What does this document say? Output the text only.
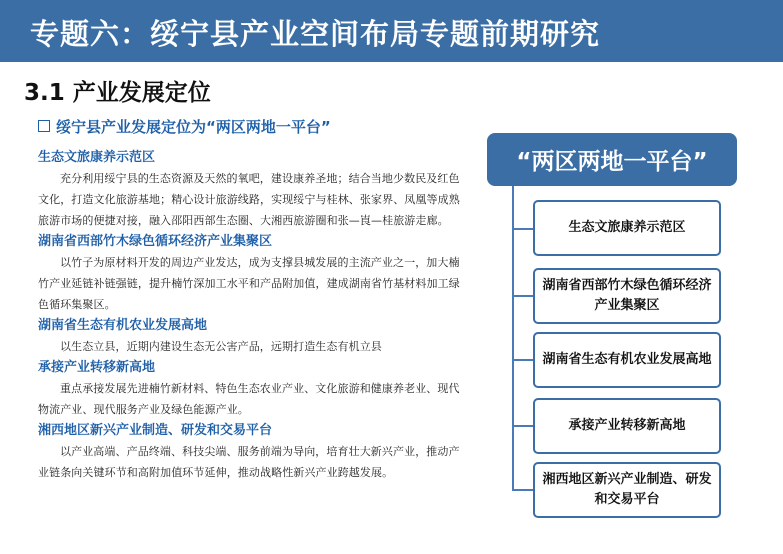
专题六：绥宁县产业空间布局专题前期研究
3.1 产业发展定位
绥宁县产业发展定位为“两区两地一平台”
生态文旅康养示范区
充分利用绥宁县的生态资源及天然的氧吧，建设康养圣地；结合当地少数民及红色文化，打造文化旅游基地；精心设计旅游线路，实现绥宁与桂林、张家界、凤凰等成熟旅游市场的便捷对接，融入邵阳西部生态圈、大湘西旅游圈和张—崀—桂旅游走廊。
湖南省西部竹木绿色循环经济产业集聚区
以竹子为原材料开发的周边产业发达，成为支撑县城发展的主流产业之一，加大楠竹产业延链补链强链，提升楠竹深加工水平和产品附加值，建成湖南省竹基材料加工绿色循环集聚区。
湖南省生态有机农业发展高地
以生态立县，近期内建设生态无公害产品，远期打造生态有机立县
承接产业转移新高地
重点承接发展先进楠竹新材料、特色生态农业产业、文化旅游和健康养老业、现代物流产业、现代服务产业及绿色能源产业。
湘西地区新兴产业制造、研发和交易平台
以产业高端、产品终端、科技尖端、服务前端为导向，培育壮大新兴产业，推动产业链条向关键环节和高附加值环节延伸，推动战略性新兴产业跨越发展。
“两区两地一平台”
生态文旅康养示范区
湖南省西部竹木绿色循环经济产业集聚区
湖南省生态有机农业发展高地
承接产业转移新高地
湘西地区新兴产业制造、研发和交易平台
